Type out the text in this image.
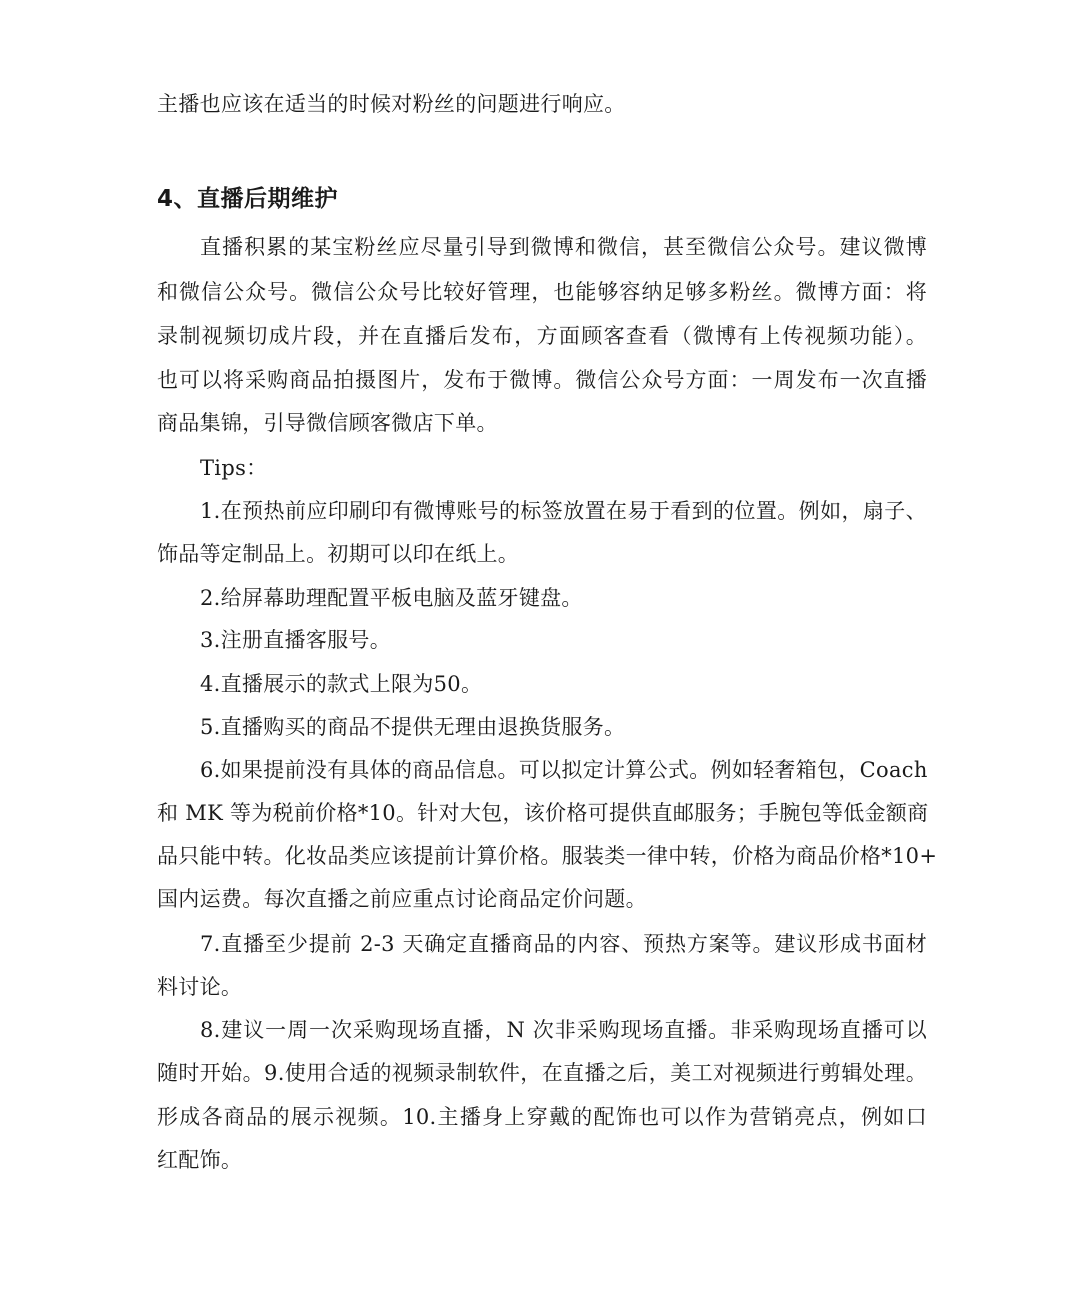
主播也应该在适当的时候对粉丝的问题进行响应。
4、直播后期维护
直播积累的某宝粉丝应尽量引导到微博和微信，甚至微信公众号。建议微博
和微信公众号。微信公众号比较好管理，也能够容纳足够多粉丝。微博方面：将
录制视频切成片段，并在直播后发布，方面顾客查看（微博有上传视频功能）。
也可以将采购商品拍摄图片，发布于微博。微信公众号方面：一周发布一次直播
商品集锦，引导微信顾客微店下单。
Tips：
1.在预热前应印刷印有微博账号的标签放置在易于看到的位置。例如，扇子、
饰品等定制品上。初期可以印在纸上。
2.给屏幕助理配置平板电脑及蓝牙键盘。
3.注册直播客服号。
4.直播展示的款式上限为50。
5.直播购买的商品不提供无理由退换货服务。
6.如果提前没有具体的商品信息。可以拟定计算公式。例如轻奢箱包，Coach
和 MK 等为税前价格*10。针对大包，该价格可提供直邮服务；手腕包等低金额商
品只能中转。化妆品类应该提前计算价格。服装类一律中转，价格为商品价格*10+
国内运费。每次直播之前应重点讨论商品定价问题。
7.直播至少提前 2-3 天确定直播商品的内容、预热方案等。建议形成书面材
料讨论。
8.建议一周一次采购现场直播，N 次非采购现场直播。非采购现场直播可以
随时开始。9.使用合适的视频录制软件，在直播之后，美工对视频进行剪辑处理。
形成各商品的展示视频。10.主播身上穿戴的配饰也可以作为营销亮点，例如口
红配饰。
